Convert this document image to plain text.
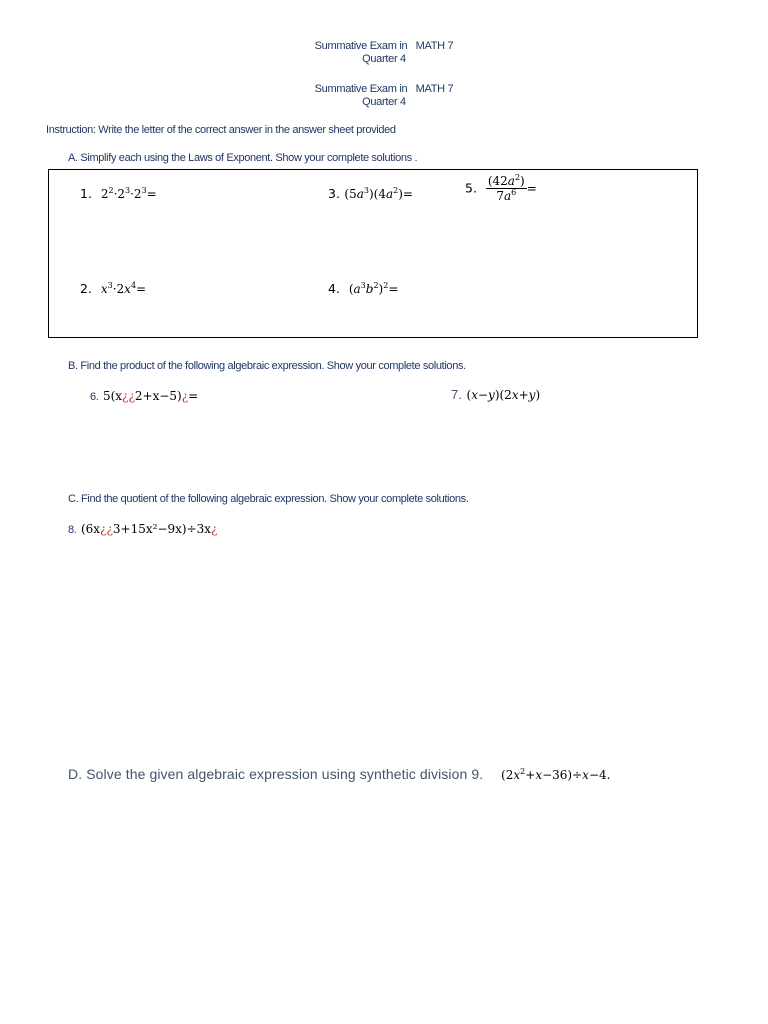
Summative Exam in MATH 7
Quarter 4
Summative Exam in MATH 7
Quarter 4
Instruction: Write the letter of the correct answer in the answer sheet provided
A. Simplify each using the Laws of Exponent. Show your complete solutions .
1. $2^2\cdot 2^3\cdot 2^3=$	3. $(5a^3)(4a^2)=$	5. $\frac{(42a^2)}{7a^6}$ =
2. $x^3\cdot 2x^4=$	4. $(a^3b^2)^2=$
B. Find the product of the following algebraic expression. Show your complete solutions.
6. 5(x¿¿2+x−5)¿=	7. (x−y)(2x+y)
C. Find the quotient of the following algebraic expression. Show your complete solutions.
8. (6x¿¿3+15x²−9x)÷3x¿
D. Solve the given algebraic expression using synthetic division 9. $(2x^2+x-36)\div x-4$.
